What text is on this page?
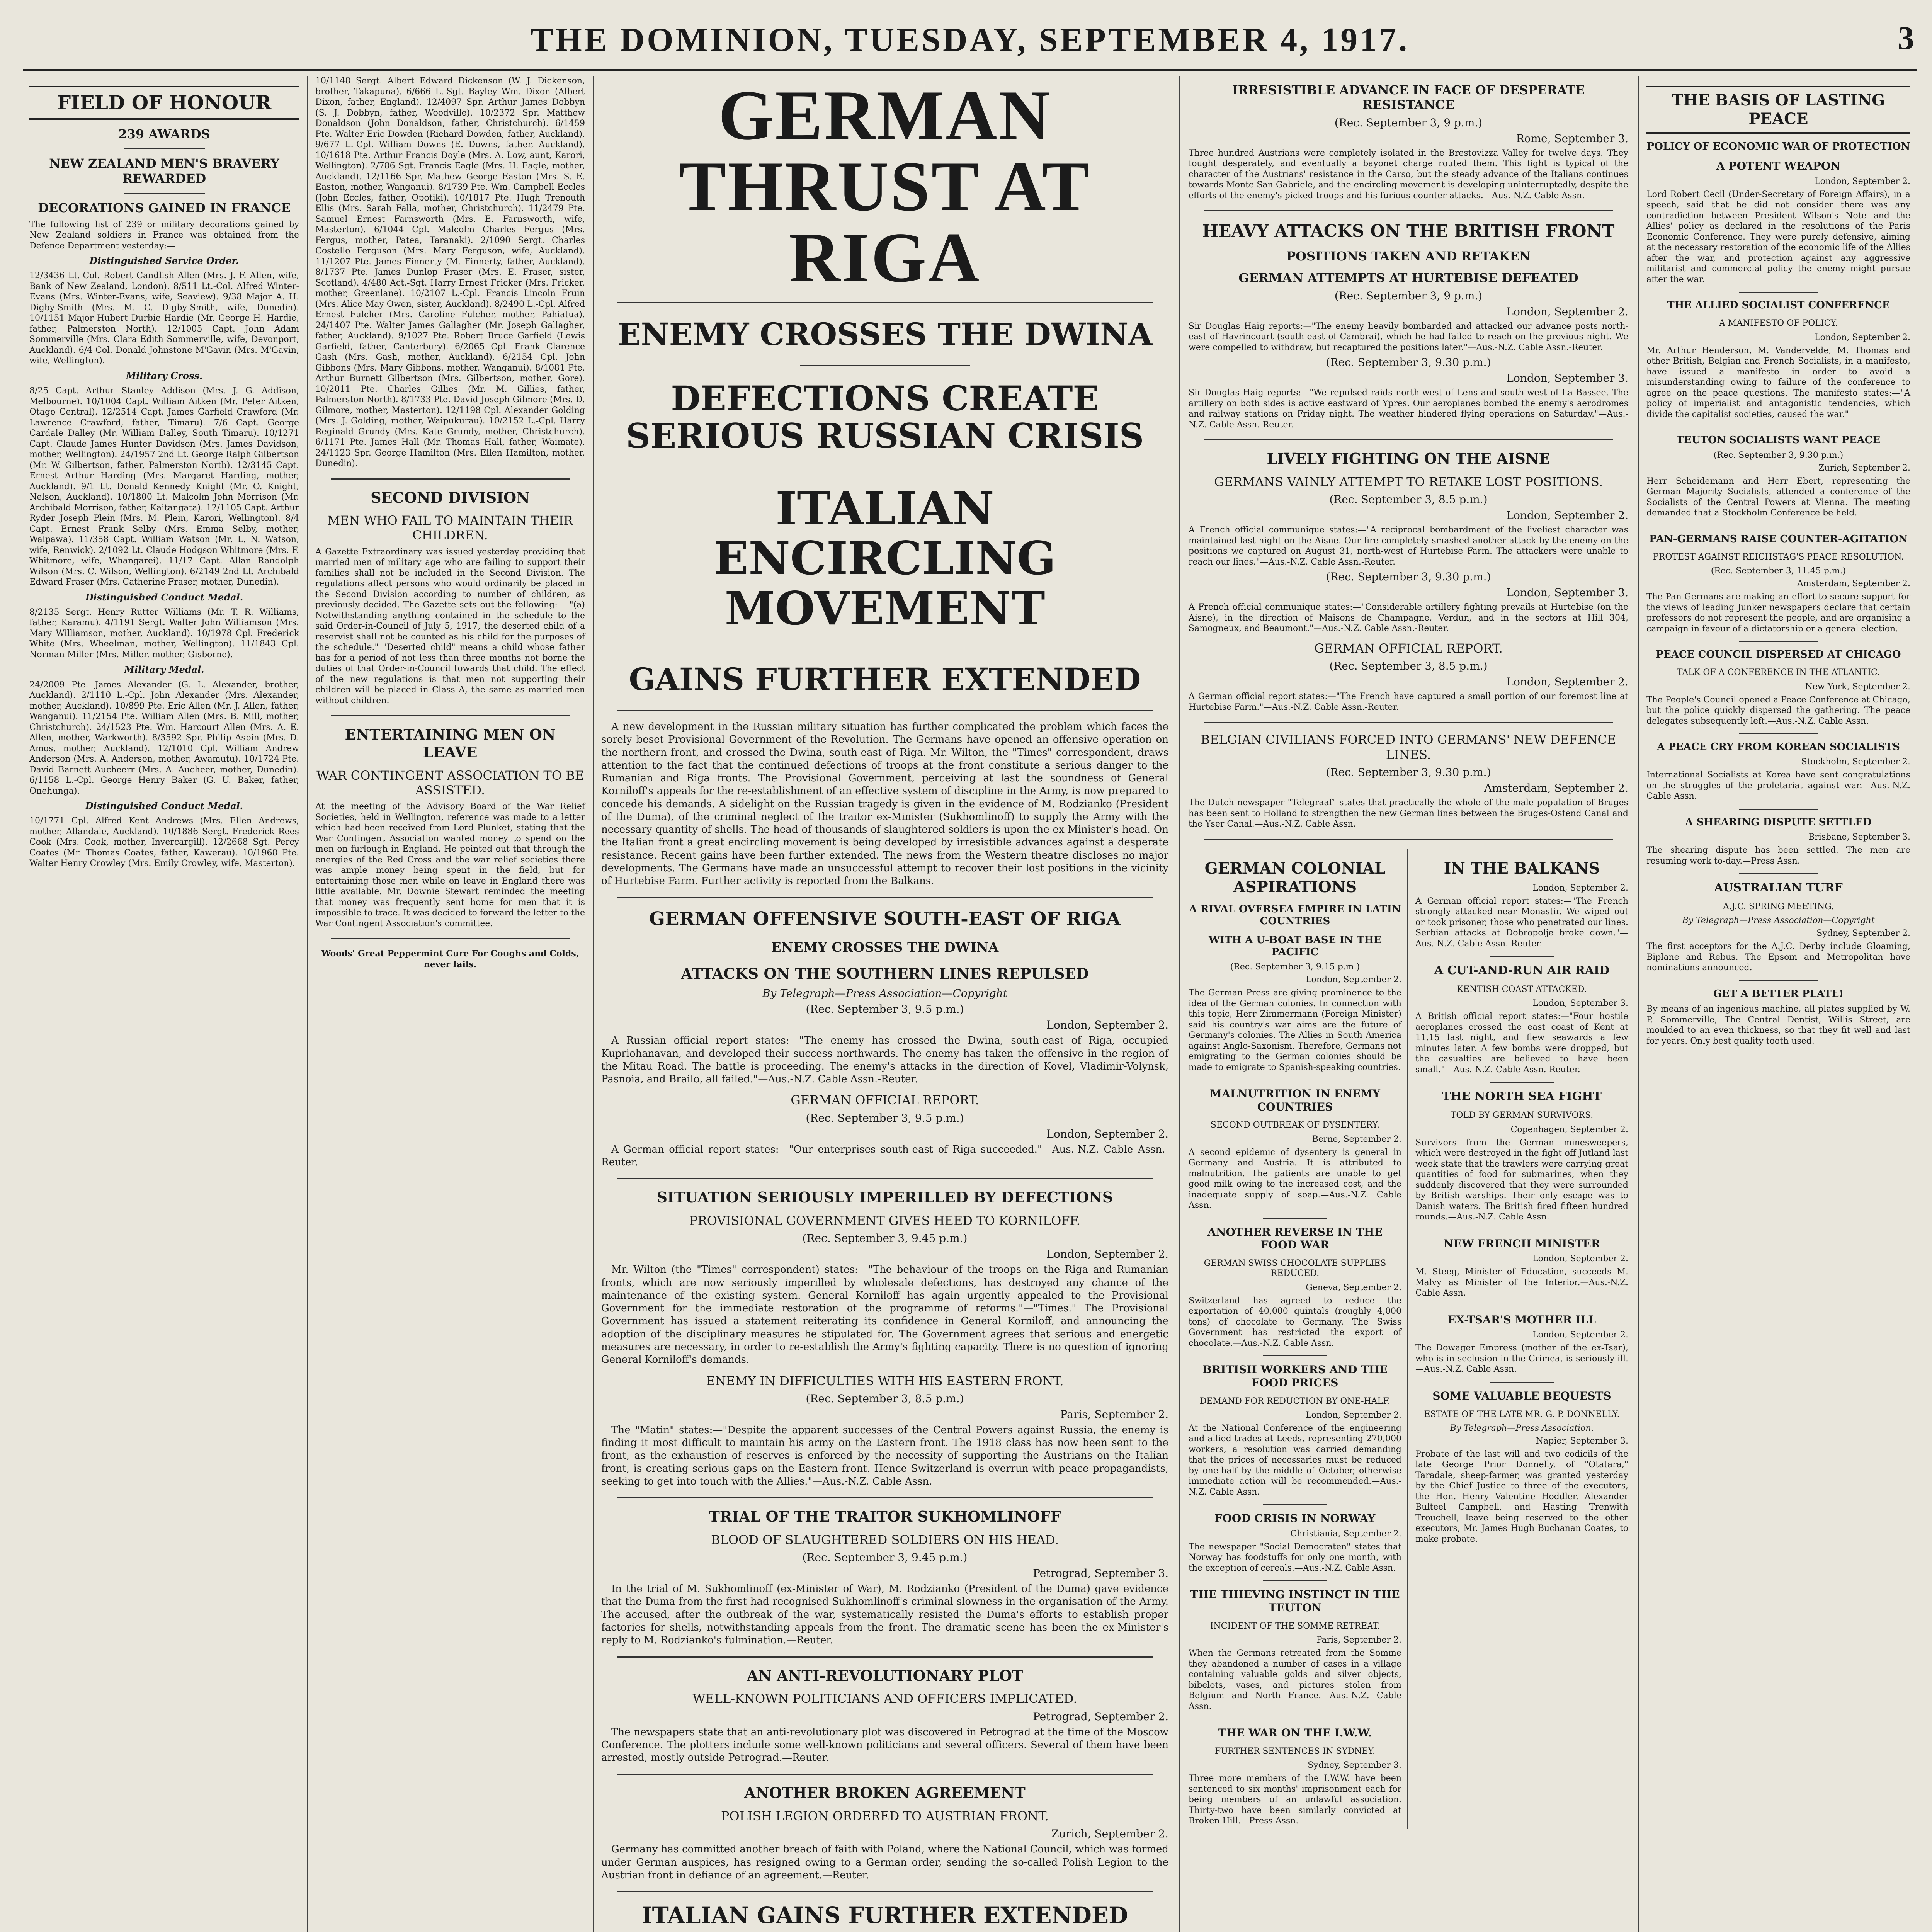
THE DOMINION, TUESDAY, SEPTEMBER 4, 1917.	3
FIELD OF HONOUR
239 AWARDS
NEW ZEALAND MEN'S BRAVERY REWARDED
DECORATIONS GAINED IN FRANCE

The following list of 239 or military decorations gained by New Zealand soldiers in France was obtained from the Defence Department yesterday:—

Distinguished Service Order.

12/3436 Lt.-Col. Robert Candlish Allen (Mrs. J. F. Allen, wife, Bank of New Zealand, London). 8/511 Lt.-Col. Alfred Winter-Evans (Mrs. Winter-Evans, wife, Seaview). 9/38 Major A. H. Digby-Smith (Mrs. M. C. Digby-Smith, wife, Dunedin). 10/1151 Major Hubert Durbie Hardie (Mr. George H. Hardie, father, Palmerston North). 12/1005 Capt. John Adam Sommerville (Mrs. Clara Edith Sommerville, wife, Devonport, Auckland). 6/4 Col. Donald Johnstone M'Gavin (Mrs. M'Gavin, wife, Wellington).

Military Cross.

8/25 Capt. Arthur Stanley Addison (Mrs. J. G. Addison, Melbourne). 10/1004 Capt. William Aitken (Mr. Peter Aitken, Otago Central). 12/2514 Capt. James Garfield Crawford (Mr. Lawrence Crawford, father, Timaru). 7/6 Capt. George Cardale Dalley (Mr. William Dalley, South Timaru). 10/1271 Capt. Claude James Hunter Davidson (Mrs. James Davidson, mother, Wellington). 24/1957 2nd Lt. George Ralph Gilbertson (Mr. W. Gilbertson, father, Palmerston North). 12/3145 Capt. Ernest Arthur Harding (Mrs. Margaret Harding, mother, Auckland). 9/1 Lt. Donald Kennedy Knight (Mr. O. Knight, Nelson, Auckland). 10/1800 Lt. Malcolm John Morrison (Mr. Archibald Morrison, father, Kaitangata). 12/1105 Capt. Arthur Ryder Joseph Plein (Mrs. M. Plein, Karori, Wellington). 8/4 Capt. Ernest Frank Selby (Mrs. Emma Selby, mother, Waipawa). 11/358 Capt. William Watson (Mr. L. N. Watson, wife, Renwick). 2/1092 Lt. Claude Hodgson Whitmore (Mrs. F. Whitmore, wife, Whangarei). 11/17 Capt. Allan Randolph Wilson (Mrs. C. Wilson, Wellington). 6/2149 2nd Lt. Archibald Edward Fraser (Mrs. Catherine Fraser, mother, Dunedin).

Distinguished Conduct Medal.

8/2135 Sergt. Henry Rutter Williams (Mr. T. R. Williams, father, Karamu). 4/1191 Sergt. Walter John Williamson (Mrs. Mary Williamson, mother, Auckland). 10/1978 Cpl. Frederick White (Mrs. Wheelman, mother, Wellington). 11/1843 Cpl. Norman Miller (Mrs. Miller, mother, Gisborne).

Military Medal.

24/2009 Pte. James Alexander (G. L. Alexander, brother, Auckland). 2/1110 L.-Cpl. John Alexander (Mrs. Alexander, mother, Auckland). 10/899 Pte. Eric Allen (Mr. J. Allen, father, Wanganui). 11/2154 Pte. William Allen (Mrs. B. Mill, mother, Christchurch). 24/1523 Pte. Wm. Harcourt Allen (Mrs. A. E. Allen, mother, Warkworth). 8/3592 Spr. Philip Aspin (Mrs. D. Amos, mother, Auckland). 12/1010 Cpl. William Andrew Anderson (Mrs. A. Anderson, mother, Awamutu). 10/1724 Pte. David Barnett Aucheerr (Mrs. A. Aucheer, mother, Dunedin). 6/1158 L.-Cpl. George Henry Baker (G. U. Baker, father, Onehunga).

Distinguished Conduct Medal.

10/1771 Cpl. Alfred Kent Andrews (Mrs. Ellen Andrews, mother, Allandale, Auckland). 10/1886 Sergt. Frederick Rees Cook (Mrs. Cook, mother, Invercargill). 12/2668 Sgt. Percy Coates (Mr. Thomas Coates, father, Kawerau). 10/1968 Pte. Walter Henry Crowley (Mrs. Emily Crowley, wife, Masterton).

10/1148 Sergt. Albert Edward Dickenson (W. J. Dickenson, brother, Takapuna). 6/666 L.-Sgt. Bayley Wm. Dixon (Albert Dixon, father, England). 12/4097 Spr. Arthur James Dobbyn (S. J. Dobbyn, father, Woodville). 10/2372 Spr. Matthew Donaldson (John Donaldson, father, Christchurch). 6/1459 Pte. Walter Eric Dowden (Richard Dowden, father, Auckland). 9/677 L.-Cpl. William Downs (E. Downs, father, Auckland). 10/1618 Pte. Arthur Francis Doyle (Mrs. A. Low, aunt, Karori, Wellington). 2/786 Sgt. Francis Eagle (Mrs. H. Eagle, mother, Auckland). 12/1166 Spr. Mathew George Easton (Mrs. S. E. Easton, mother, Wanganui). 8/1739 Pte. Wm. Campbell Eccles (John Eccles, father, Opotiki). 10/1817 Pte. Hugh Trenouth Ellis (Mrs. Sarah Falla, mother, Christchurch). 11/2479 Pte. Samuel Ernest Farnsworth (Mrs. E. Farnsworth, wife, Masterton). 6/1044 Cpl. Malcolm Charles Fergus (Mrs. Fergus, mother, Patea, Taranaki). 2/1090 Sergt. Charles Costello Ferguson (Mrs. Mary Ferguson, wife, Auckland). 11/1207 Pte. James Finnerty (M. Finnerty, father, Auckland). 8/1737 Pte. James Dunlop Fraser (Mrs. E. Fraser, sister, Scotland). 4/480 Act.-Sgt. Harry Ernest Fricker (Mrs. Fricker, mother, Greenlane). 10/2107 L.-Cpl. Francis Lincoln Fruin (Mrs. Alice May Owen, sister, Auckland). 8/2490 L.-Cpl. Alfred Ernest Fulcher (Mrs. Caroline Fulcher, mother, Pahiatua). 24/1407 Pte. Walter James Gallagher (Mr. Joseph Gallagher, father, Auckland). 9/1027 Pte. Robert Bruce Garfield (Lewis Garfield, father, Canterbury). 6/2065 Cpl. Frank Clarence Gash (Mrs. Gash, mother, Auckland). 6/2154 Cpl. John Gibbons (Mrs. Mary Gibbons, mother, Wanganui). 8/1081 Pte. Arthur Burnett Gilbertson (Mrs. Gilbertson, mother, Gore). 10/2011 Pte. Charles Gillies (Mr. M. Gillies, father, Palmerston North). 8/1733 Pte. David Joseph Gilmore (Mrs. D. Gilmore, mother, Masterton). 12/1198 Cpl. Alexander Golding (Mrs. J. Golding, mother, Waipukurau). 10/2152 L.-Cpl. Harry Reginald Grundy (Mrs. Kate Grundy, mother, Christchurch). 6/1171 Pte. James Hall (Mr. Thomas Hall, father, Waimate). 24/1123 Spr. George Hamilton (Mrs. Ellen Hamilton, mother, Dunedin).

SECOND DIVISION
MEN WHO FAIL TO MAINTAIN THEIR CHILDREN.

A Gazette Extraordinary was issued yesterday providing that married men of military age who are failing to support their families shall not be included in the Second Division. The regulations affect persons who would ordinarily be placed in the Second Division according to number of children, as previously decided. The Gazette sets out the following:— "(a) Notwithstanding anything contained in the schedule to the said Order-in-Council of July 5, 1917, the deserted child of a reservist shall not be counted as his child for the purposes of the schedule." "Deserted child" means a child whose father has for a period of not less than three months not borne the duties of that Order-in-Council towards that child. The effect of the new regulations is that men not supporting their children will be placed in Class A, the same as married men without children.

ENTERTAINING MEN ON LEAVE
WAR CONTINGENT ASSOCIATION TO BE ASSISTED.

At the meeting of the Advisory Board of the War Relief Societies, held in Wellington, reference was made to a letter which had been received from Lord Plunket, stating that the War Contingent Association wanted money to spend on the men on furlough in England. He pointed out that through the energies of the Red Cross and the war relief societies there was ample money being spent in the field, but for entertaining those men while on leave in England there was little available. Mr. Downie Stewart reminded the meeting that money was frequently sent home for men that it is impossible to trace. It was decided to forward the letter to the War Contingent Association's committee.

Woods' Great Peppermint Cure For Coughs and Colds, never fails.

GERMAN THRUST AT RIGA
ENEMY CROSSES THE DWINA
DEFECTIONS CREATE SERIOUS RUSSIAN CRISIS
ITALIAN ENCIRCLING MOVEMENT
GAINS FURTHER EXTENDED

A new development in the Russian military situation has further complicated the problem which faces the sorely beset Provisional Government of the Revolution. The Germans have opened an offensive operation on the northern front, and crossed the Dwina, south-east of Riga. Mr. Wilton, the "Times" correspondent, draws attention to the fact that the continued defections of troops at the front constitute a serious danger to the Rumanian and Riga fronts. The Provisional Government, perceiving at last the soundness of General Korniloff's appeals for the re-establishment of an effective system of discipline in the Army, is now prepared to concede his demands. A sidelight on the Russian tragedy is given in the evidence of M. Rodzianko (President of the Duma), of the criminal neglect of the traitor ex-Minister (Sukhomlinoff) to supply the Army with the necessary quantity of shells. The head of thousands of slaughtered soldiers is upon the ex-Minister's head. On the Italian front a great encircling movement is being developed by irresistible advances against a desperate resistance. Recent gains have been further extended. The news from the Western theatre discloses no major developments. The Germans have made an unsuccessful attempt to recover their lost positions in the vicinity of Hurtebise Farm. Further activity is reported from the Balkans.

GERMAN OFFENSIVE SOUTH-EAST OF RIGA
ENEMY CROSSES THE DWINA
ATTACKS ON THE SOUTHERN LINES REPULSED
By Telegraph—Press Association—Copyright
(Rec. September 3, 9.5 p.m.)
London, September 2.

A Russian official report states:—"The enemy has crossed the Dwina, south-east of Riga, occupied Kupriohanavan, and developed their success northwards. The enemy has taken the offensive in the region of the Mitau Road. The battle is proceeding. The enemy's attacks in the direction of Kovel, Vladimir-Volynsk, Pasnoia, and Brailo, all failed."—Aus.-N.Z. Cable Assn.-Reuter.

GERMAN OFFICIAL REPORT.
(Rec. September 3, 9.5 p.m.)
London, September 2.

A German official report states:—"Our enterprises south-east of Riga succeeded."—Aus.-N.Z. Cable Assn.-Reuter.

SITUATION SERIOUSLY IMPERILLED BY DEFECTIONS
PROVISIONAL GOVERNMENT GIVES HEED TO KORNILOFF.
(Rec. September 3, 9.45 p.m.)
London, September 2.

Mr. Wilton (the "Times" correspondent) states:—"The behaviour of the troops on the Riga and Rumanian fronts, which are now seriously imperilled by wholesale defections, has destroyed any chance of the maintenance of the existing system. General Korniloff has again urgently appealed to the Provisional Government for the immediate restoration of the programme of reforms."—"Times." The Provisional Government has issued a statement reiterating its confidence in General Korniloff, and announcing the adoption of the disciplinary measures he stipulated for. The Government agrees that serious and energetic measures are necessary, in order to re-establish the Army's fighting capacity. There is no question of ignoring General Korniloff's demands.

ENEMY IN DIFFICULTIES WITH HIS EASTERN FRONT.
(Rec. September 3, 8.5 p.m.)
Paris, September 2.

The "Matin" states:—"Despite the apparent successes of the Central Powers against Russia, the enemy is finding it most difficult to maintain his army on the Eastern front. The 1918 class has now been sent to the front, as the exhaustion of reserves is enforced by the necessity of supporting the Austrians on the Italian front, is creating serious gaps on the Eastern front. Hence Switzerland is overrun with peace propagandists, seeking to get into touch with the Allies."—Aus.-N.Z. Cable Assn.

TRIAL OF THE TRAITOR SUKHOMLINOFF
BLOOD OF SLAUGHTERED SOLDIERS ON HIS HEAD.
(Rec. September 3, 9.45 p.m.)
Petrograd, September 3.

In the trial of M. Sukhomlinoff (ex-Minister of War), M. Rodzianko (President of the Duma) gave evidence that the Duma from the first had recognised Sukhomlinoff's criminal slowness in the organisation of the Army. The accused, after the outbreak of the war, systematically resisted the Duma's efforts to establish proper factories for shells, notwithstanding appeals from the front. The dramatic scene has been the ex-Minister's reply to M. Rodzianko's fulmination.—Reuter.

AN ANTI-REVOLUTIONARY PLOT
WELL-KNOWN POLITICIANS AND OFFICERS IMPLICATED.
Petrograd, September 2.

The newspapers state that an anti-revolutionary plot was discovered in Petrograd at the time of the Moscow Conference. The plotters include some well-known politicians and several officers. Several of them have been arrested, mostly outside Petrograd.—Reuter.

ANOTHER BROKEN AGREEMENT
POLISH LEGION ORDERED TO AUSTRIAN FRONT.
Zurich, September 2.

Germany has committed another breach of faith with Poland, where the National Council, which was formed under German auspices, has resigned owing to a German order, sending the so-called Polish Legion to the Austrian front in defiance of an agreement.—Reuter.

ITALIAN GAINS FURTHER EXTENDED

IRRESISTIBLE ADVANCE IN FACE OF DESPERATE RESISTANCE
(Rec. September 3, 9 p.m.)
Rome, September 3.

Three hundred Austrians were completely isolated in the Brestovizza Valley for twelve days. They fought desperately, and eventually a bayonet charge routed them. This fight is typical of the character of the Austrians' resistance in the Carso, but the steady advance of the Italians continues towards Monte San Gabriele, and the encircling movement is developing uninterruptedly, despite the efforts of the enemy's picked troops and his furious counter-attacks.—Aus.-N.Z. Cable Assn.

HEAVY ATTACKS ON THE BRITISH FRONT
POSITIONS TAKEN AND RETAKEN
GERMAN ATTEMPTS AT HURTEBISE DEFEATED
(Rec. September 3, 9 p.m.)
London, September 2.

Sir Douglas Haig reports:—"The enemy heavily bombarded and attacked our advance posts north-east of Havrincourt (south-east of Cambrai), which he had failed to reach on the previous night. We were compelled to withdraw, but recaptured the positions later."—Aus.-N.Z. Cable Assn.-Reuter.

(Rec. September 3, 9.30 p.m.)
London, September 3.

Sir Douglas Haig reports:—"We repulsed raids north-west of Lens and south-west of La Bassee. The artillery on both sides is active eastward of Ypres. Our aeroplanes bombed the enemy's aerodromes and railway stations on Friday night. The weather hindered flying operations on Saturday."—Aus.-N.Z. Cable Assn.-Reuter.

LIVELY FIGHTING ON THE AISNE
GERMANS VAINLY ATTEMPT TO RETAKE LOST POSITIONS.
(Rec. September 3, 8.5 p.m.)
London, September 2.

A French official communique states:—"A reciprocal bombardment of the liveliest character was maintained last night on the Aisne. Our fire completely smashed another attack by the enemy on the positions we captured on August 31, north-west of Hurtebise Farm. The attackers were unable to reach our lines."—Aus.-N.Z. Cable Assn.-Reuter.

(Rec. September 3, 9.30 p.m.)
London, September 3.

A French official communique states:—"Considerable artillery fighting prevails at Hurtebise (on the Aisne), in the direction of Maisons de Champagne, Verdun, and in the sectors at Hill 304, Samogneux, and Beaumont."—Aus.-N.Z. Cable Assn.-Reuter.

GERMAN OFFICIAL REPORT.
(Rec. September 3, 8.5 p.m.)
London, September 2.

A German official report states:—"The French have captured a small portion of our foremost line at Hurtebise Farm."—Aus.-N.Z. Cable Assn.-Reuter.

BELGIAN CIVILIANS FORCED INTO GERMANS' NEW DEFENCE LINES.
(Rec. September 3, 9.30 p.m.)
Amsterdam, September 2.

The Dutch newspaper "Telegraaf" states that practically the whole of the male population of Bruges has been sent to Holland to strengthen the new German lines between the Bruges-Ostend Canal and the Yser Canal.—Aus.-N.Z. Cable Assn.

GERMAN COLONIAL ASPIRATIONS
A RIVAL OVERSEA EMPIRE IN LATIN COUNTRIES
WITH A U-BOAT BASE IN THE PACIFIC
(Rec. September 3, 9.15 p.m.)
London, September 2.

The German Press are giving prominence to the idea of the German colonies. In connection with this topic, Herr Zimmermann (Foreign Minister) said his country's war aims are the future of Germany's colonies. The Allies in South America against Anglo-Saxonism. Therefore, Germans not emigrating to the German colonies should be made to emigrate to Spanish-speaking countries.

MALNUTRITION IN ENEMY COUNTRIES
SECOND OUTBREAK OF DYSENTERY.
Berne, September 2.

A second epidemic of dysentery is general in Germany and Austria. It is attributed to malnutrition. The patients are unable to get good milk owing to the increased cost, and the inadequate supply of soap.—Aus.-N.Z. Cable Assn.

ANOTHER REVERSE IN THE FOOD WAR
GERMAN SWISS CHOCOLATE SUPPLIES REDUCED.
Geneva, September 2.

Switzerland has agreed to reduce the exportation of 40,000 quintals (roughly 4,000 tons) of chocolate to Germany. The Swiss Government has restricted the export of chocolate.—Aus.-N.Z. Cable Assn.

BRITISH WORKERS AND THE FOOD PRICES
DEMAND FOR REDUCTION BY ONE-HALF.
London, September 2.

At the National Conference of the engineering and allied trades at Leeds, representing 270,000 workers, a resolution was carried demanding that the prices of necessaries must be reduced by one-half by the middle of October, otherwise immediate action will be recommended.—Aus.-N.Z. Cable Assn.

FOOD CRISIS IN NORWAY
Christiania, September 2.

The newspaper "Social Democraten" states that Norway has foodstuffs for only one month, with the exception of cereals.—Aus.-N.Z. Cable Assn.

THE THIEVING INSTINCT IN THE TEUTON
INCIDENT OF THE SOMME RETREAT.
Paris, September 2.

When the Germans retreated from the Somme they abandoned a number of cases in a village containing valuable golds and silver objects, bibelots, vases, and pictures stolen from Belgium and North France.—Aus.-N.Z. Cable Assn.

THE WAR ON THE I.W.W.
FURTHER SENTENCES IN SYDNEY.
Sydney, September 3.

Three more members of the I.W.W. have been sentenced to six months' imprisonment each for being members of an unlawful association. Thirty-two have been similarly convicted at Broken Hill.—Press Assn.

IN THE BALKANS
London, September 2.

A German official report states:—"The French strongly attacked near Monastir. We wiped out or took prisoner, those who penetrated our lines. Serbian attacks at Dobropolje broke down."—Aus.-N.Z. Cable Assn.-Reuter.

A CUT-AND-RUN AIR RAID
KENTISH COAST ATTACKED.
London, September 3.

A British official report states:—"Four hostile aeroplanes crossed the east coast of Kent at 11.15 last night, and flew seawards a few minutes later. A few bombs were dropped, but the casualties are believed to have been small."—Aus.-N.Z. Cable Assn.-Reuter.

THE NORTH SEA FIGHT
TOLD BY GERMAN SURVIVORS.
Copenhagen, September 2.

Survivors from the German minesweepers, which were destroyed in the fight off Jutland last week state that the trawlers were carrying great quantities of food for submarines, when they suddenly discovered that they were surrounded by British warships. Their only escape was to Danish waters. The British fired fifteen hundred rounds.—Aus.-N.Z. Cable Assn.

NEW FRENCH MINISTER
London, September 2.

M. Steeg, Minister of Education, succeeds M. Malvy as Minister of the Interior.—Aus.-N.Z. Cable Assn.

EX-TSAR'S MOTHER ILL
London, September 2.

The Dowager Empress (mother of the ex-Tsar), who is in seclusion in the Crimea, is seriously ill.—Aus.-N.Z. Cable Assn.

SOME VALUABLE BEQUESTS
ESTATE OF THE LATE MR. G. P. DONNELLY.
By Telegraph—Press Association.
Napier, September 3.

Probate of the last will and two codicils of the late George Prior Donnelly, of "Otatara," Taradale, sheep-farmer, was granted yesterday by the Chief Justice to three of the executors, the Hon. Henry Valentine Hoddler, Alexander Bulteel Campbell, and Hasting Trenwith Trouchell, leave being reserved to the other executors, Mr. James Hugh Buchanan Coates, to make probate.

THE BASIS OF LASTING PEACE
POLICY OF ECONOMIC WAR OF PROTECTION
A POTENT WEAPON
London, September 2.

Lord Robert Cecil (Under-Secretary of Foreign Affairs), in a speech, said that he did not consider there was any contradiction between President Wilson's Note and the Allies' policy as declared in the resolutions of the Paris Economic Conference. They were purely defensive, aiming at the necessary restoration of the economic life of the Allies after the war, and protection against any aggressive militarist and commercial policy the enemy might pursue after the war.

THE ALLIED SOCIALIST CONFERENCE
A MANIFESTO OF POLICY.
London, September 2.

Mr. Arthur Henderson, M. Vandervelde, M. Thomas and other British, Belgian and French Socialists, in a manifesto, have issued a manifesto in order to avoid a misunderstanding owing to failure of the conference to agree on the peace questions. The manifesto states:—"A policy of imperialist and antagonistic tendencies, which divide the capitalist societies, caused the war."

TEUTON SOCIALISTS WANT PEACE
(Rec. September 3, 9.30 p.m.)
Zurich, September 2.

Herr Scheidemann and Herr Ebert, representing the German Majority Socialists, attended a conference of the Socialists of the Central Powers at Vienna. The meeting demanded that a Stockholm Conference be held.

PAN-GERMANS RAISE COUNTER-AGITATION
PROTEST AGAINST REICHSTAG'S PEACE RESOLUTION.
(Rec. September 3, 11.45 p.m.)
Amsterdam, September 2.

The Pan-Germans are making an effort to secure support for the views of leading Junker newspapers declare that certain professors do not represent the people, and are organising a campaign in favour of a dictatorship or a general election.

PEACE COUNCIL DISPERSED AT CHICAGO
TALK OF A CONFERENCE IN THE ATLANTIC.
New York, September 2.

The People's Council opened a Peace Conference at Chicago, but the police quickly dispersed the gathering. The peace delegates subsequently left.—Aus.-N.Z. Cable Assn.

A PEACE CRY FROM KOREAN SOCIALISTS
Stockholm, September 2.

International Socialists at Korea have sent congratulations on the struggles of the proletariat against war.—Aus.-N.Z. Cable Assn.

A SHEARING DISPUTE SETTLED
Brisbane, September 3.

The shearing dispute has been settled. The men are resuming work to-day.—Press Assn.

AUSTRALIAN TURF
A.J.C. SPRING MEETING.
By Telegraph—Press Association—Copyright
Sydney, September 2.

The first acceptors for the A.J.C. Derby include Gloaming, Biplane and Rebus. The Epsom and Metropolitan have nominations announced.

GET A BETTER PLATE!

By means of an ingenious machine, all plates supplied by W. P. Sommerville, The Central Dentist, Willis Street, are moulded to an even thickness, so that they fit well and last for years. Only best quality tooth used.
